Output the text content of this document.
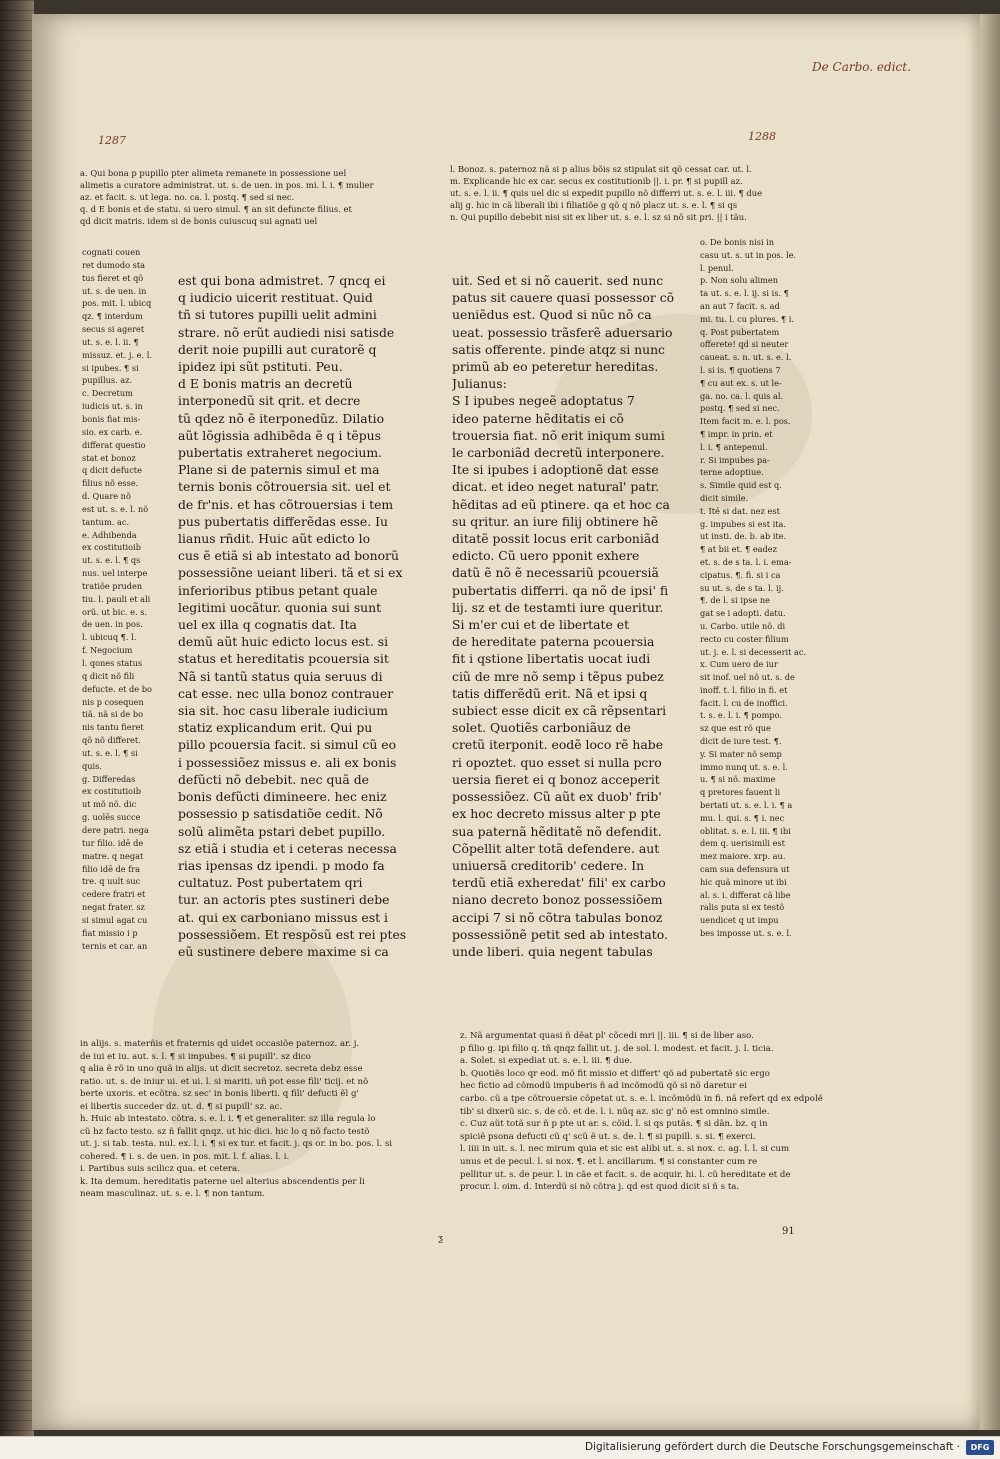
De Carbo. edict.
1287	1288

a. Qui bona p pupillo pter alimeta remanete in possessione uel

alimetis a curatore administrat. ut. s. de uen. in pos. mi. l. i. ¶ mulier

az. et facit. s. ut lega. no. ca. l. postq. ¶ sed si nec.

q. d E bonis et de statu. si uero simul. ¶ an sit defuncte filius. et

qd dicit matris. idem si de bonis cuiuscuq sui agnati uel

l. Bonoz. s. paternoz nã si p alius bõis sz stipulat sit qõ cessat car. ut. l.

m. Explicande hic ex car. secus ex costitutionib ||. i. pr. ¶ si pupill az.

ut. s. e. l. ii. ¶ quis uel dic si expedit pupillo nõ differri ut. s. e. l. iii. ¶ due

alij g. hic in cã liberali ibi i filiatiõe g qõ q nõ placz ut. s. e. l. ¶ si qs

n. Qui pupillo debebit nisi sit ex liber ut. s. e. l. sz si nõ sit pri. || i tãu.

cognati couen

ret dumodo sta

tus fieret et qõ

ut. s. de uen. in

pos. mit. l. ubicq

qz. ¶ interdum

secus si ageret

ut. s. e. l. ii. ¶

missuz. et. j. e. l.

si ipubes. ¶ si

pupillus. az.

c. Decretum

iudicis ut. s. in

bonis fiat mis-

sio. ex carb. e.

differat questio

stat et bonoz

q dicit defucte

filius nõ esse.

d. Quare nõ

est ut. s. e. l. nõ

tantum. ac.

e. Adhibenda

ex costitutioib

ut. s. e. l. ¶ qs

nus. uel interpe

tratiõe pruden

tiu. l. pauli et ali

orũ. ut bic. e. s.

de uen. in pos.

l. ubicuq ¶. l.

f. Negocium

l. qones status

q dicit nõ fili

defucte. et de bo

nis p cosequen

tiã. nã si de bo

nis tantu fieret

qõ nõ differet.

ut. s. e. l. ¶ si

quis.

g. Differedas

ex costitutioib

ut mõ nõ. dic

g. uolēs succe

dere patri. nega

tur filio. idē de

matre. q negat

filio idē de fra

tre. q uult suc

cedere fratri et

negat frater. sz

si simul agat cu

fiat missio i p

ternis et car. an

o. De bonis nisi in

casu ut. s. ut in pos. le.

l. penul.

p. Non solu alimen

ta ut. s. e. l. ij. si is. ¶

an aut 7 facit. s. ad

mi. tu. l. cu plures. ¶ i.

q. Post pubertatem

offerete! qd si neuter

caueat. s. n. ut. s. e. l.

l. si is. ¶ quotiens 7

¶ cu aut ex. s. ut le-

ga. no. ca. l. quis al.

postq. ¶ sed si nec.

Item facit m. e. l. pos.

¶ impr. in prin. et

l. i. ¶ antepenul.

r. Si impubes pa-

terne adoptiue.

s. Simile quid est q.

dicit simile.

t. Ité si dat. nez est

g. impubes si est ita.

ut insti. de. b. ab ite.

¶ at bii et. ¶ eadez

et. s. de s ta. l. i. ema-

cipatus. ¶. fi. si i ca

su ut. s. de s ta. l. ij.

¶. de l. si ipse ne

gat se i adopti. datu.

u. Carbo. utile nõ. di

recto cu coster filium

ut. j. e. l. si decesserit ac.

x. Cum uero de iur

sit inof. uel nõ ut. s. de

inoff. t. l. filio in fi. et

facit. l. cu de inoffici.

t. s. e. l. i. ¶ pompo.

sz que est rõ que

dicit de iure test. ¶.

y. Si mater nõ semp

immo nunq ut. s. e. l.

u. ¶ si nõ. maxime

q pretores fauent li

bertati ut. s. e. l. i. ¶ a

mu. l. qui. s. ¶ i. nec

oblitat. s. e. l. iii. ¶ ibi

dem q. uerisimili est

mez maiore. xrp. au.

cam sua defensura ut

hic quã minore ut ibi

al. s. i. differat cã libe

ralis puta si ex testõ

uendicet q ut impu

bes imposse ut. s. e. l.

est qui bona admistret. 7 qncq ei

q iudicio uicerit restituat. Quid

tñ si tutores pupilli uelit admini

strare. nõ erũt audiedi nisi satisde

derit noie pupilli aut curatorẽ q

ipidez ipi sũt pstituti. Peu.

d E bonis matris an decretũ

interponedũ sit qrit. et decre

tũ qdez nõ ẽ iterponedũz. Dilatio

aũt lõgissia adhibẽda ẽ q i tẽpus

pubertatis extraheret negocium.

Plane si de paternis simul et ma

ternis bonis cõtrouersia sit. uel et

de fr'nis. et has cõtrouersias i tem

pus pubertatis differẽdas esse. Iu

lianus rñdit. Huic aũt edicto lo

cus ẽ etiã si ab intestato ad bonorũ

possessiõne ueiant liberi. tã et si ex

inferioribus ptibus petant quale

legitimi uocãtur. quonia sui sunt

uel ex illa q cognatis dat. Ita

demũ aũt huic edicto locus est. si

status et hereditatis pcouersia sit

Nã si tantũ status quia seruus di

cat esse. nec ulla bonoz contrauer

sia sit. hoc casu liberale iudicium

statiz explicandum erit. Qui pu

pillo pcouersia facit. si simul cũ eo

i possessiõez missus e. ali ex bonis

defũcti nõ debebit. nec quã de

bonis defũcti dimineere. hec eniz

possessio p satisdatiõe cedit. Nõ

solũ alimẽta pstari debet pupillo.

sz etiã i studia et i ceteras necessa

rias ipensas dz ipendi. p modo fa

cultatuz. Post pubertatem qri

tur. an actoris ptes sustineri debe

at. qui ex carboniano missus est i

possessiõem. Et respõsũ est rei ptes

eũ sustinere debere maxime si ca

uit. Sed et si nõ cauerit. sed nunc

patus sit cauere quasi possessor cõ

ueniẽdus est. Quod si nũc nõ ca

ueat. possessio trãsferẽ aduersario

satis offerente. pinde atqz si nunc

primũ ab eo peteretur hereditas.

Julianus:

S I ipubes negeẽ adoptatus 7

ideo paterne hẽditatis ei cõ

trouersia fiat. nõ erit iniqum sumi

le carboniãd decretũ interponere.

Ite si ipubes i adoptionẽ dat esse

dicat. et ideo neget natural' patr.

hẽditas ad eũ ptinere. qa et hoc ca

su qritur. an iure filij obtinere hẽ

ditatẽ possit locus erit carboniãd

edicto. Cũ uero pponit exhere

datũ ẽ nõ ẽ necessariũ pcouersiã

pubertatis differri. qa nõ de ipsi' fi

lij. sz et de testamti iure queritur.

Si m'er cui et de libertate et

de hereditate paterna pcouersia

fit i qstione libertatis uocat iudi

ciũ de mre nõ semp i tẽpus pubez

tatis differẽdũ erit. Nã et ipsi q

subiect esse dicit ex cã rẽpsentari

solet. Quotiẽs carboniãuz de

cretũ iterponit. eodẽ loco rẽ habe

ri opoztet. quo esset si nulla pcro

uersia fieret ei q bonoz acceperit

possessiõez. Cũ aũt ex duob' frib'

ex hoc decreto missus alter p pte

sua paternã hẽditatẽ nõ defendit.

Cõpellit alter totã defendere. aut

uniuersã creditorib' cedere. In

terdũ etiã exheredat' fili' ex carbo

niano decreto bonoz possessiõem

accipi 7 si nõ cõtra tabulas bonoz

possessiõnẽ petit sed ab intestato.

unde liberi. quia negent tabulas

in alijs. s. materñis et fraternis qd uidet occasiõe paternoz. ar. j.

de iui et iu. aut. s. l. ¶ si impubes. ¶ si pupill'. sz dico

q alia ẽ rõ in uno quã in alijs. ut dicit secretoz. secreta debz esse

ratio. ut. s. de iniur ui. et ui. l. si mariti. uñ pot esse fili' ticij. et nõ

berte uxoris. et ecõtra. sz sec' in bonis liberti. q fili' defucti ẽl g'

ei libertis succeder dz. ut. d. ¶ si pupill' sz. ac.

h. Huic ab intestato. cõtra. s. e. l. i. ¶ et generaliter. sz illa regula lo

cũ hz facto testo. sz ñ fallit qnqz. ut hic dici. hic lo q nõ facto testõ

ut. j. si tab. testa. nul. ex. l. i. ¶ si ex tur. et facit. j. qs or. in bo. pos. l. si

cohered. ¶ i. s. de uen. in pos. mit. l. f. alias. l. i.

i. Partibus suis scilicz qua. et cetera.

k. Ita demum. hereditatis paterne uel alterius abscendentis per li

neam masculinaz. ut. s. e. l. ¶ non tantum.

z. Nã argumentat quasi ñ dẽat pl' cõcedi mri ||. iii. ¶ si de liber aso.

p filio g. ipi filio q. tñ qnqz fallit ut. j. de sol. l. modest. et facit. j. l. ticia.

a. Solet. si expediat ut. s. e. l. iii. ¶ due.

b. Quotiẽs loco qr eod. mõ fit missio et differt' qõ ad pubertatẽ sic ergo

hec fictio ad cõmodũ impuberis ñ ad incõmodũ qõ si nõ daretur ei

carbo. cũ a tpe cõtrouersie cõpetat ut. s. e. l. incõmõdũ in fi. nã refert qd ex edpolẽ

tib' si dixerũ sic. s. de cõ. et de. l. i. nũq az. sic g' nõ est omnino simile.

c. Cuz aũt totã sur ñ p pte ut ar. s. cõid. l. si qs putãs. ¶ si dãn. bz. q in

spiciẽ psona defucti cũ q' scũ ẽ ut. s. de. l. ¶ si pupill. s. si. ¶ exerci.

l. iiii in uit. s. l. nec mirum quia et sic est alibi ut. s. si nox. c. ag. l. l. si cum

unus et de pecul. l. si nox. ¶. et l. ancillarum. ¶ si constanter cum re

pellitur ut. s. de peur. l. in cãe et facit. s. de acquir. hi. l. cũ hereditate et de

procur. l. oim. d. Interdũ si nõ cõtra j. qd est quod dicit si ñ s ta.

ƺ
91
Digitalisierung gefördert durch die Deutsche Forschungsgemeinschaft ·	DFG
